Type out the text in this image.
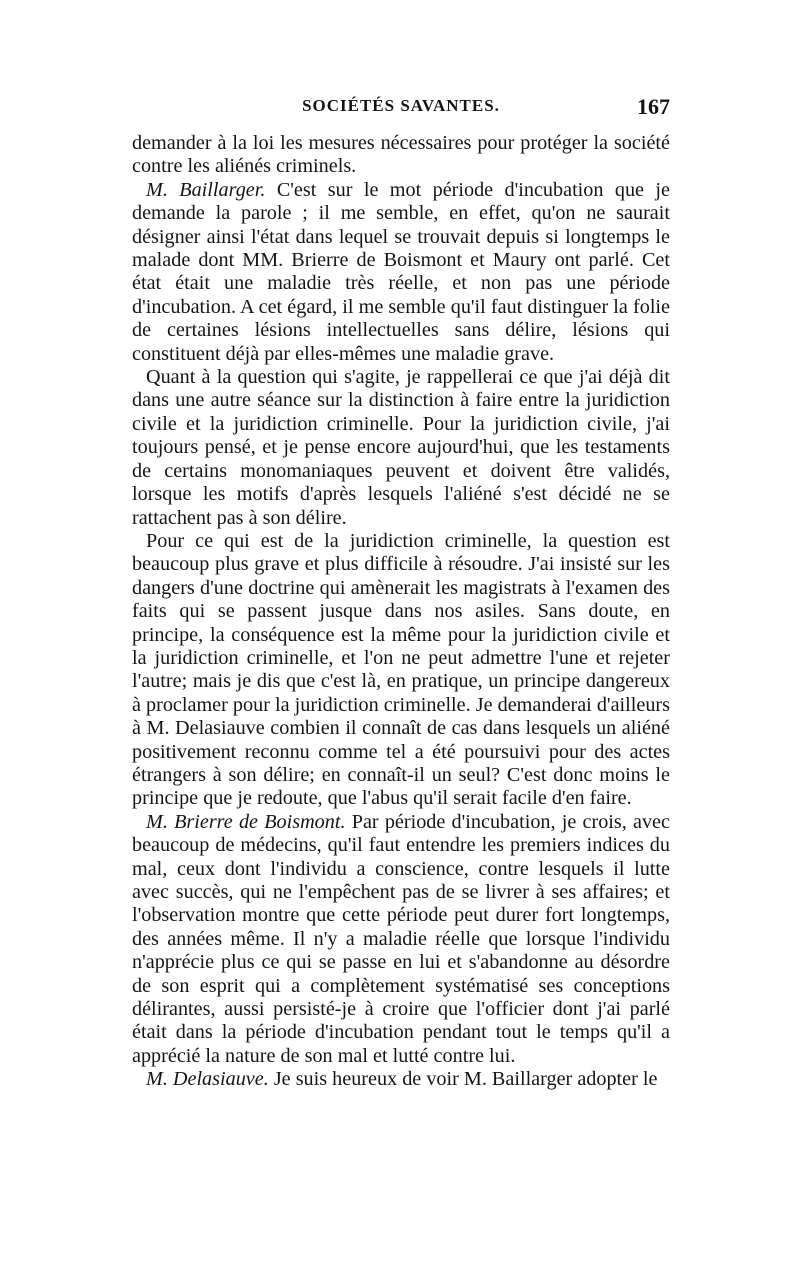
SOCIÉTÉS SAVANTES.	167

demander à la loi les mesures nécessaires pour protéger la société contre les aliénés criminels.

M. Baillarger. C'est sur le mot période d'incubation que je demande la parole ; il me semble, en effet, qu'on ne saurait désigner ainsi l'état dans lequel se trouvait depuis si longtemps le malade dont MM. Brierre de Boismont et Maury ont parlé. Cet état était une maladie très réelle, et non pas une période d'incubation. A cet égard, il me semble qu'il faut distinguer la folie de certaines lésions intellectuelles sans délire, lésions qui constituent déjà par elles-mêmes une maladie grave.

Quant à la question qui s'agite, je rappellerai ce que j'ai déjà dit dans une autre séance sur la distinction à faire entre la juridiction civile et la juridiction criminelle. Pour la juridiction civile, j'ai toujours pensé, et je pense encore aujourd'hui, que les testaments de certains monomaniaques peuvent et doivent être validés, lorsque les motifs d'après lesquels l'aliéné s'est décidé ne se rattachent pas à son délire.

Pour ce qui est de la juridiction criminelle, la question est beaucoup plus grave et plus difficile à résoudre. J'ai insisté sur les dangers d'une doctrine qui amènerait les magistrats à l'examen des faits qui se passent jusque dans nos asiles. Sans doute, en principe, la conséquence est la même pour la juridiction civile et la juridiction criminelle, et l'on ne peut admettre l'une et rejeter l'autre; mais je dis que c'est là, en pratique, un principe dangereux à proclamer pour la juridiction criminelle. Je demanderai d'ailleurs à M. Delasiauve combien il connaît de cas dans lesquels un aliéné positivement reconnu comme tel a été poursuivi pour des actes étrangers à son délire; en connaît-il un seul? C'est donc moins le principe que je redoute, que l'abus qu'il serait facile d'en faire.

M. Brierre de Boismont. Par période d'incubation, je crois, avec beaucoup de médecins, qu'il faut entendre les premiers indices du mal, ceux dont l'individu a conscience, contre lesquels il lutte avec succès, qui ne l'empêchent pas de se livrer à ses affaires; et l'observation montre que cette période peut durer fort longtemps, des années même. Il n'y a maladie réelle que lorsque l'individu n'apprécie plus ce qui se passe en lui et s'abandonne au désordre de son esprit qui a complètement systématisé ses conceptions délirantes, aussi persisté-je à croire que l'officier dont j'ai parlé était dans la période d'incubation pendant tout le temps qu'il a apprécié la nature de son mal et lutté contre lui.

M. Delasiauve. Je suis heureux de voir M. Baillarger adopter le
